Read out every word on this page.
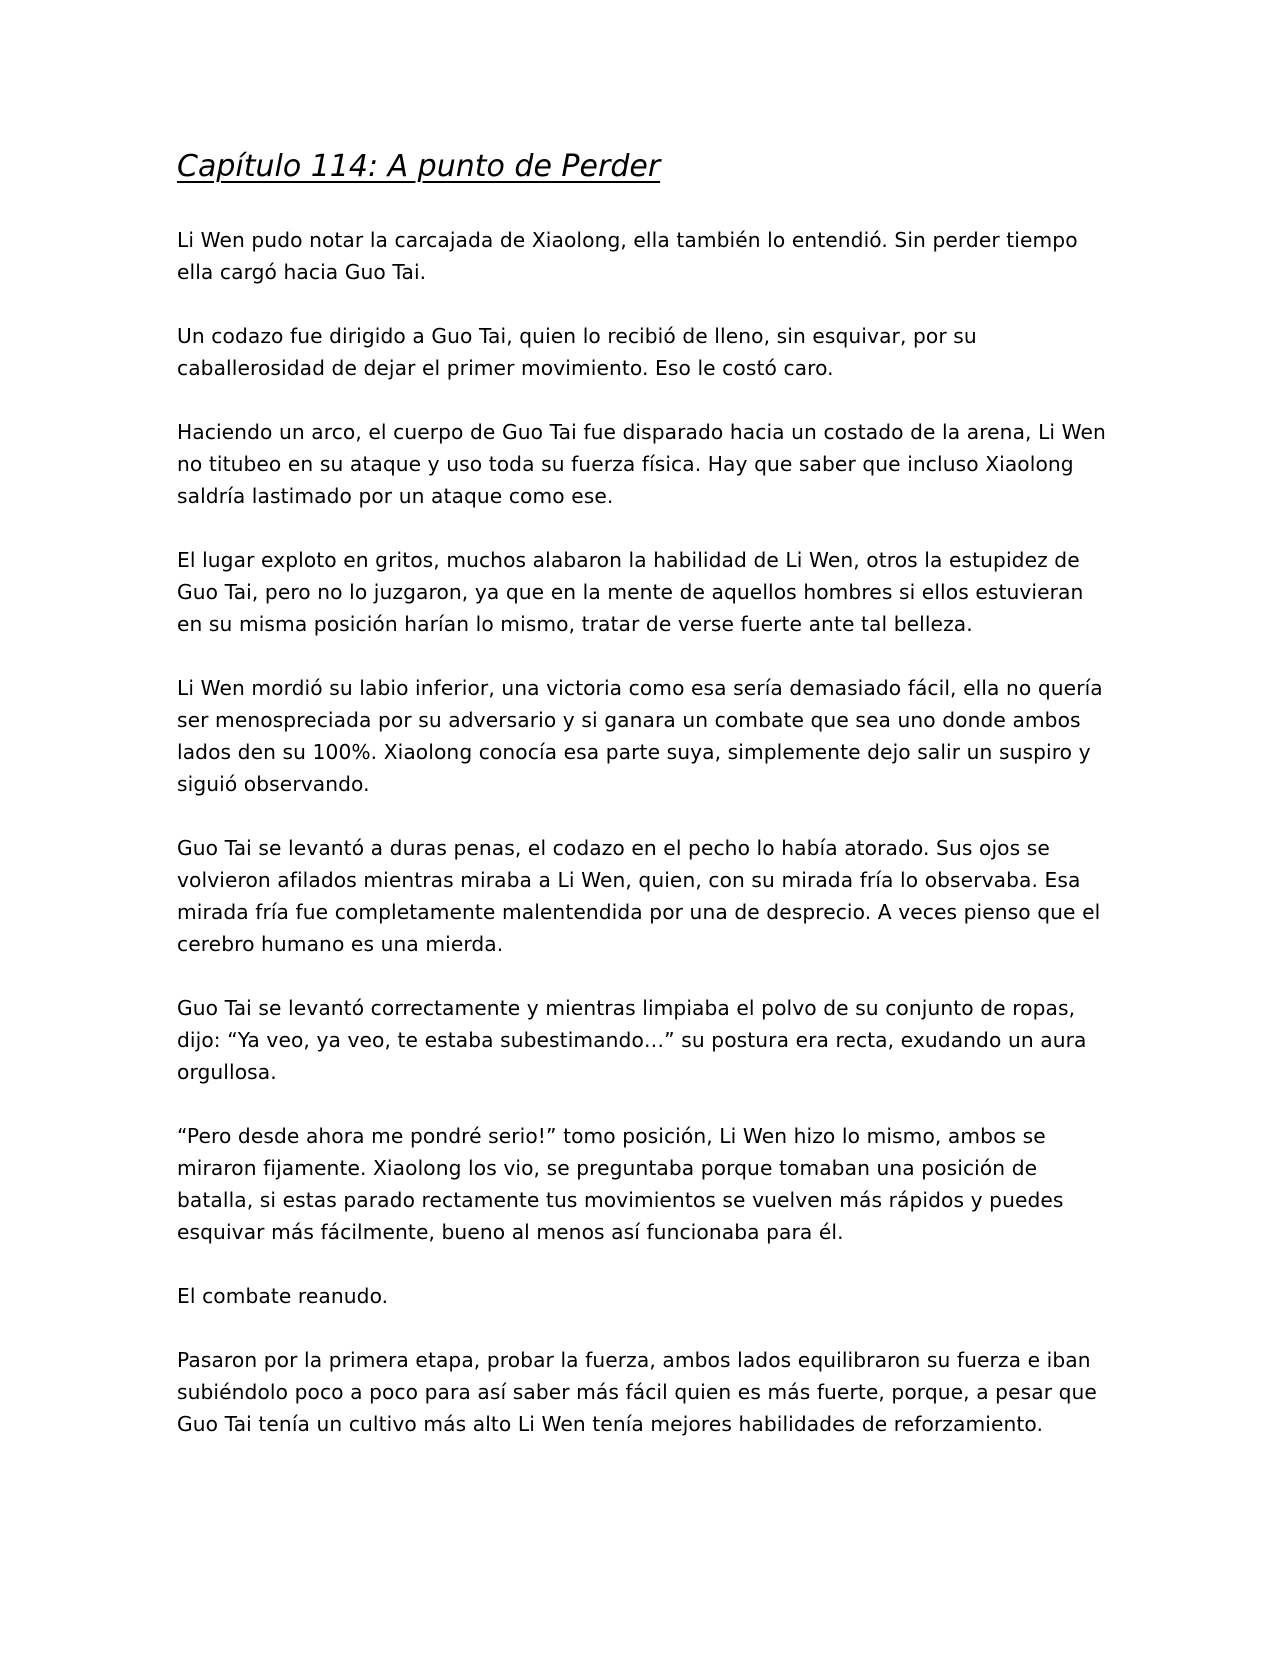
Capítulo 114: A punto de Perder

Li Wen pudo notar la carcajada de Xiaolong, ella también lo entendió. Sin perder tiempo ella cargó hacia Guo Tai.

Un codazo fue dirigido a Guo Tai, quien lo recibió de lleno, sin esquivar, por su caballerosidad de dejar el primer movimiento. Eso le costó caro.

Haciendo un arco, el cuerpo de Guo Tai fue disparado hacia un costado de la arena, Li Wen no titubeo en su ataque y uso toda su fuerza física. Hay que saber que incluso Xiaolong saldría lastimado por un ataque como ese.

El lugar exploto en gritos, muchos alabaron la habilidad de Li Wen, otros la estupidez de Guo Tai, pero no lo juzgaron, ya que en la mente de aquellos hombres si ellos estuvieran en su misma posición harían lo mismo, tratar de verse fuerte ante tal belleza.

Li Wen mordió su labio inferior, una victoria como esa sería demasiado fácil, ella no quería ser menospreciada por su adversario y si ganara un combate que sea uno donde ambos lados den su 100%. Xiaolong conocía esa parte suya, simplemente dejo salir un suspiro y siguió observando.

Guo Tai se levantó a duras penas, el codazo en el pecho lo había atorado. Sus ojos se volvieron afilados mientras miraba a Li Wen, quien, con su mirada fría lo observaba. Esa mirada fría fue completamente malentendida por una de desprecio. A veces pienso que el cerebro humano es una mierda.

Guo Tai se levantó correctamente y mientras limpiaba el polvo de su conjunto de ropas, dijo: “Ya veo, ya veo, te estaba subestimando…” su postura era recta, exudando un aura orgullosa.

“Pero desde ahora me pondré serio!” tomo posición, Li Wen hizo lo mismo, ambos se miraron fijamente. Xiaolong los vio, se preguntaba porque tomaban una posición de batalla, si estas parado rectamente tus movimientos se vuelven más rápidos y puedes esquivar más fácilmente, bueno al menos así funcionaba para él.

El combate reanudo.

Pasaron por la primera etapa, probar la fuerza, ambos lados equilibraron su fuerza e iban subiéndolo poco a poco para así saber más fácil quien es más fuerte, porque, a pesar que Guo Tai tenía un cultivo más alto Li Wen tenía mejores habilidades de reforzamiento.
